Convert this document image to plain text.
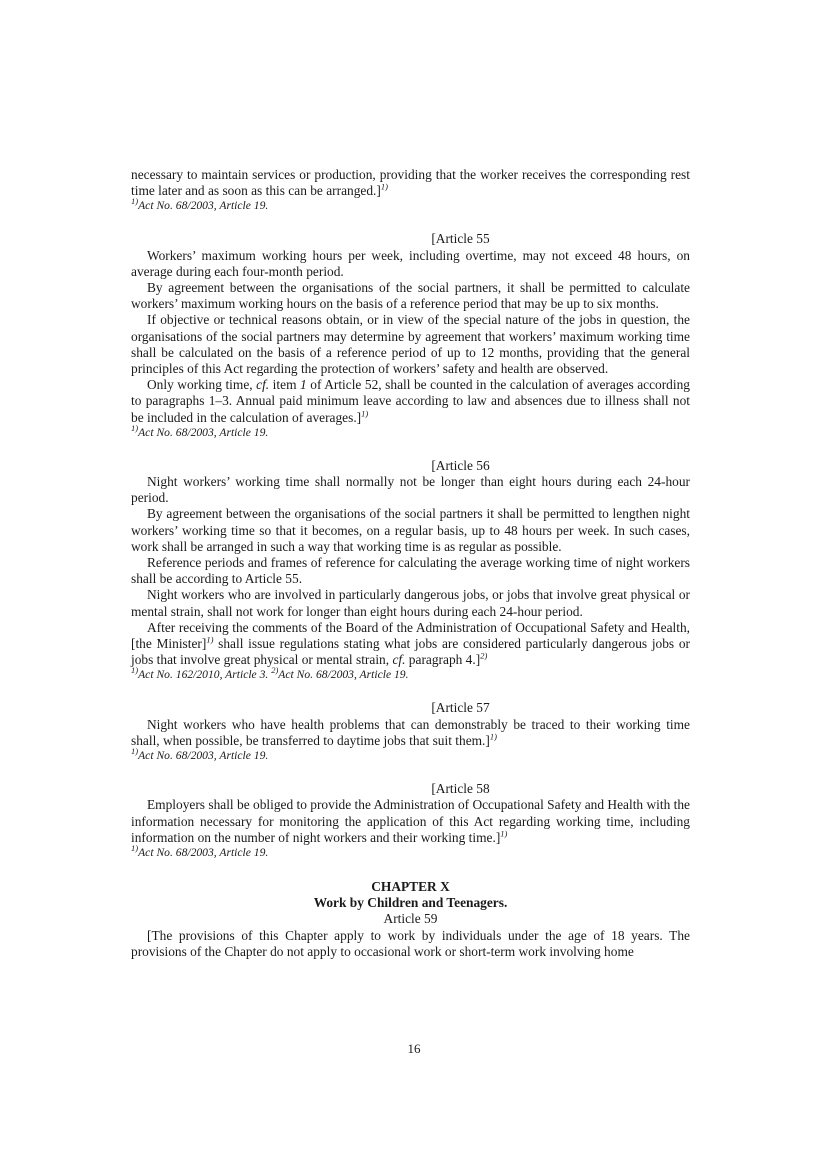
necessary to maintain services or production, providing that the worker receives the corresponding rest time later and as soon as this can be arranged.]$^{1)}$

$^{1)}$Act No. 68/2003, Article 19.

[Article 55

Workers’ maximum working hours per week, including overtime, may not exceed 48 hours, on average during each four-month period.

By agreement between the organisations of the social partners, it shall be permitted to calculate workers’ maximum working hours on the basis of a reference period that may be up to six months.

If objective or technical reasons obtain, or in view of the special nature of the jobs in question, the organisations of the social partners may determine by agreement that workers’ maximum working time shall be calculated on the basis of a reference period of up to 12 months, providing that the general principles of this Act regarding the protection of workers’ safety and health are observed.

Only working time, cf. item 1 of Article 52, shall be counted in the calculation of averages according to paragraphs 1–3. Annual paid minimum leave according to law and absences due to illness shall not be included in the calculation of averages.]$^{1)}$

$^{1)}$Act No. 68/2003, Article 19.

[Article 56

Night workers’ working time shall normally not be longer than eight hours during each 24-hour period.

By agreement between the organisations of the social partners it shall be permitted to lengthen night workers’ working time so that it becomes, on a regular basis, up to 48 hours per week. In such cases, work shall be arranged in such a way that working time is as regular as possible.

Reference periods and frames of reference for calculating the average working time of night workers shall be according to Article 55.

Night workers who are involved in particularly dangerous jobs, or jobs that involve great physical or mental strain, shall not work for longer than eight hours during each 24-hour period.

After receiving the comments of the Board of the Administration of Occupational Safety and Health, [the Minister]$^{1)}$ shall issue regulations stating what jobs are considered particularly dangerous jobs or jobs that involve great physical or mental strain, cf. paragraph 4.]$^{2)}$

$^{1)}$Act No. 162/2010, Article 3. $^{2)}$Act No. 68/2003, Article 19.

[Article 57

Night workers who have health problems that can demonstrably be traced to their working time shall, when possible, be transferred to daytime jobs that suit them.]$^{1)}$

$^{1)}$Act No. 68/2003, Article 19.

[Article 58

Employers shall be obliged to provide the Administration of Occupational Safety and Health with the information necessary for monitoring the application of this Act regarding working time, including information on the number of night workers and their working time.]$^{1)}$

$^{1)}$Act No. 68/2003, Article 19.

CHAPTER X

Work by Children and Teenagers.

Article 59

[The provisions of this Chapter apply to work by individuals under the age of 18 years. The provisions of the Chapter do not apply to occasional work or short-term work involving home

16
